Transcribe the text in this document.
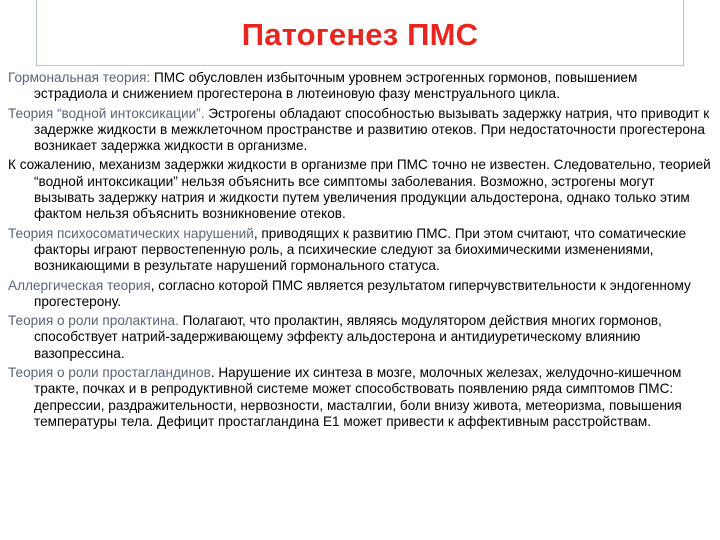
Патогенез ПМС

Гормональная теория: ПМС обусловлен избыточным уровнем эстрогенных гормонов, повышением эстрадиола и снижением прогестерона в лютеиновую фазу менструального цикла.

Теория “водной интоксикации”. Эстрогены обладают способностью вызывать задержку натрия, что приводит к задержке жидкости в межклеточном пространстве и развитию отеков. При недостаточности прогестерона возникает задержка жидкости в организме.

К сожалению, механизм задержки жидкости в организме при ПМС точно не известен. Следовательно, теорией “водной интоксикации” нельзя объяснить все симптомы заболевания. Возможно, эстрогены могут вызывать задержку натрия и жидкости путем увеличения продукции альдостерона, однако только этим фактом нельзя объяснить возникновение отеков.

Теория психосоматических нарушений, приводящих к развитию ПМС. При этом считают, что соматические факторы играют первостепенную роль, а психические следуют за биохимическими изменениями, возникающими в результате нарушений гормонального статуса.

Аллергическая теория, согласно которой ПМС является результатом гиперчувствительности к эндогенному прогестерону.

Теория о роли пролактина. Полагают, что пролактин, являясь модулятором действия многих гормонов, способствует натрий-задерживающему эффекту альдостерона и антидиуретическому влиянию вазопрессина.

Теория о роли простагландинов. Нарушение их синтеза в мозге, молочных железах, желудочно-кишечном тракте, почках и в репродуктивной системе может способствовать появлению ряда симптомов ПМС: депрессии, раздражительности, нервозности, масталгии, боли внизу живота, метеоризма, повышения температуры тела. Дефицит простагландина Е1 может привести к аффективным расстройствам.
